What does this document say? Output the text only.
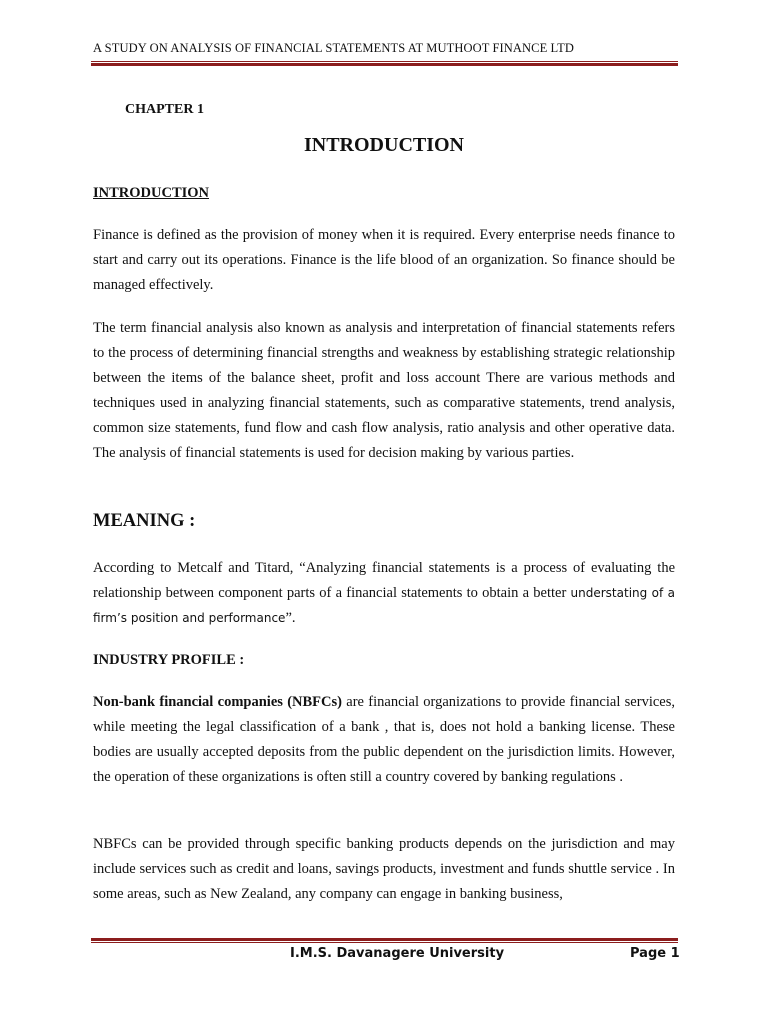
A STUDY ON ANALYSIS OF FINANCIAL STATEMENTS AT MUTHOOT FINANCE LTD
CHAPTER 1
INTRODUCTION
INTRODUCTION

Finance is defined as the provision of money when it is required. Every enterprise needs finance to start and carry out its operations. Finance is the life blood of an organization. So finance should be managed effectively.

The term financial analysis also known as analysis and interpretation of financial statements refers to the process of determining financial strengths and weakness by establishing strategic relationship between the items of the balance sheet, profit and loss account There are various methods and techniques used in analyzing financial statements, such as comparative statements, trend analysis, common size statements, fund flow and cash flow analysis, ratio analysis and other operative data. The analysis of financial statements is used for decision making by various parties.

MEANING :

According to Metcalf and Titard, “Analyzing financial statements is a process of evaluating the relationship between component parts of a financial statements to obtain a better understating of a firm’s position and performance”.

INDUSTRY PROFILE :

Non-bank financial companies (NBFCs) are financial organizations to provide financial services, while meeting the legal classification of a bank , that is, does not hold a banking license. These bodies are usually accepted deposits from the public dependent on the jurisdiction limits. However, the operation of these organizations is often still a country covered by banking regulations .

NBFCs can be provided through specific banking products depends on the jurisdiction and may include services such as credit and loans, savings products, investment and funds shuttle service . In some areas, such as New Zealand, any company can engage in banking business,

I.M.S. Davanagere University	Page 1
